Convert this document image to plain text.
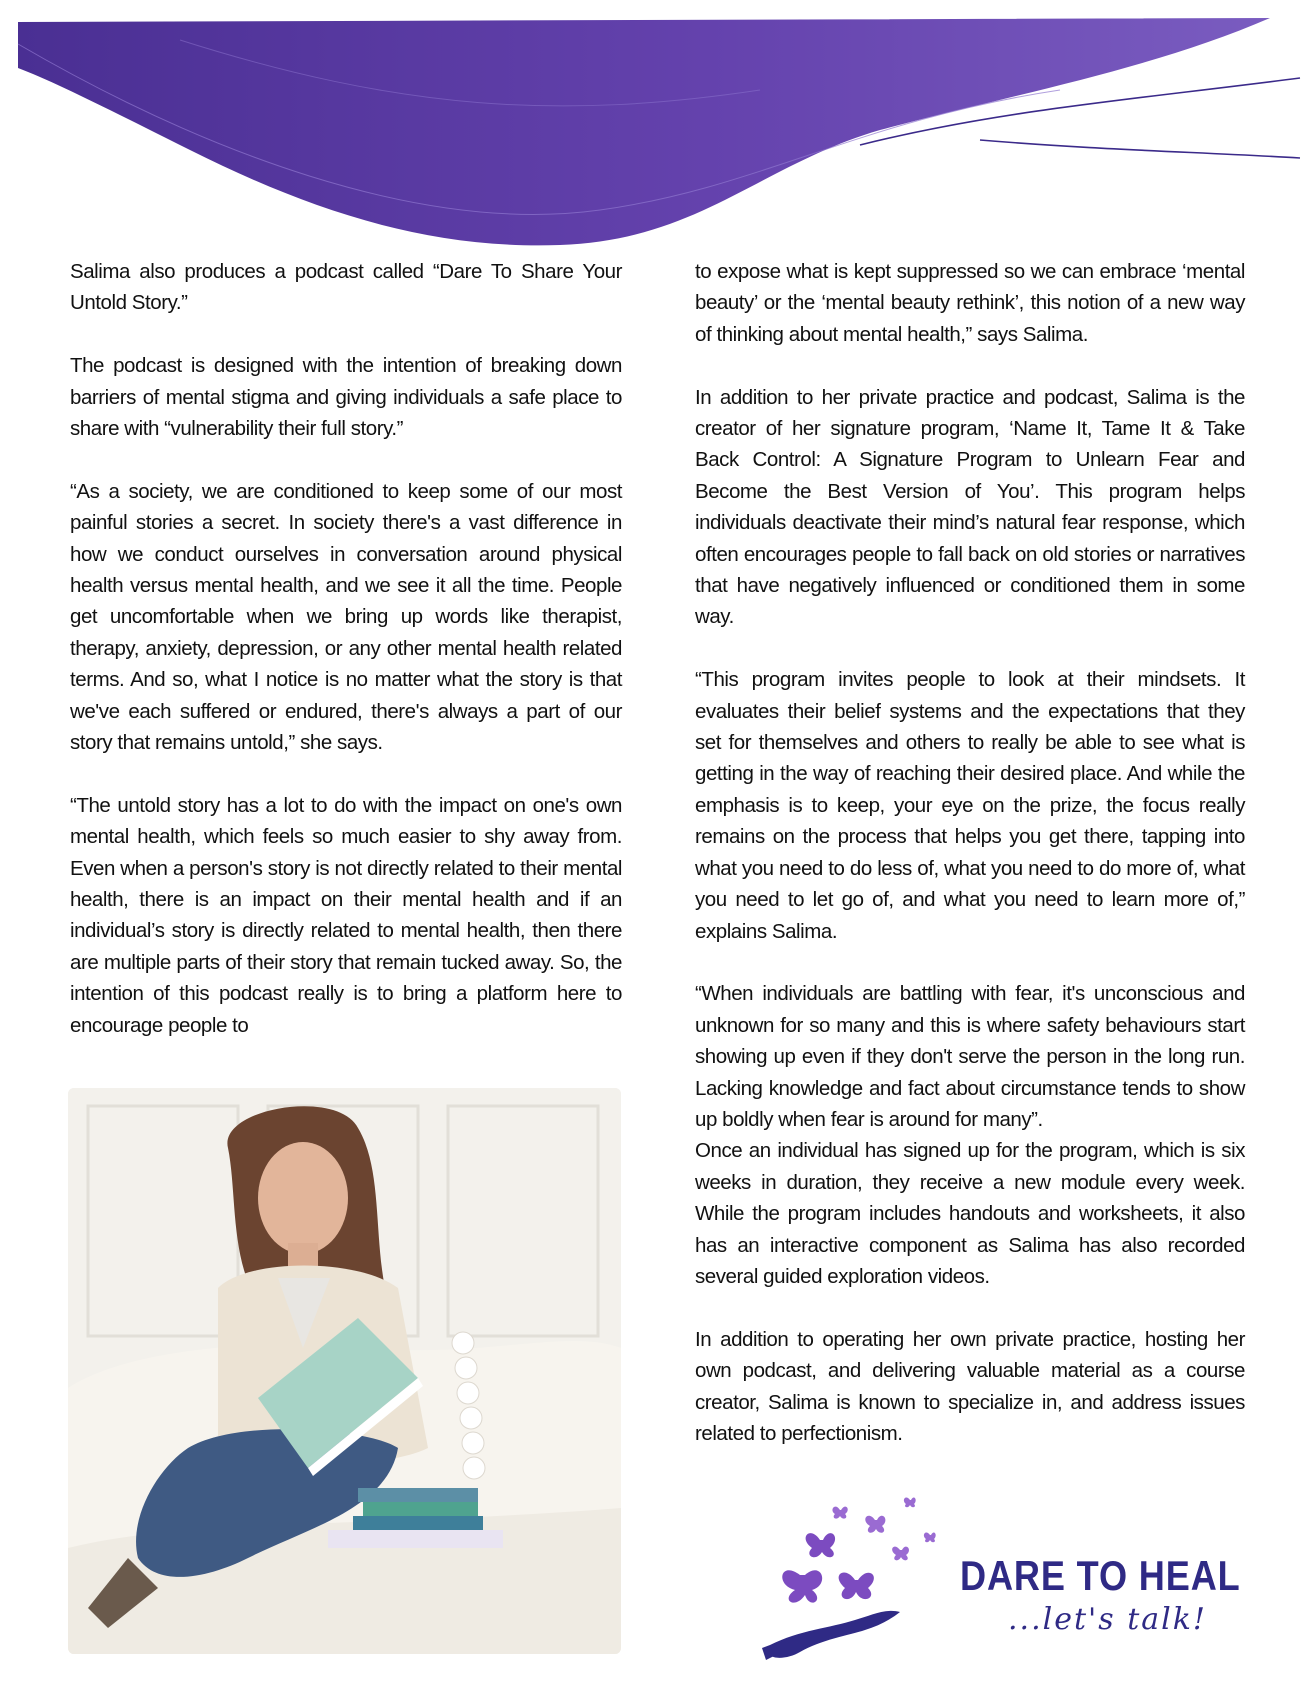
Salima also produces a podcast called “Dare To Share Your Untold Story.”

The podcast is designed with the intention of breaking down barriers of mental stigma and giving individuals a safe place to share with “vulnerability their full story.”

“As a society, we are conditioned to keep some of our most painful stories a secret. In society there's a vast difference in how we conduct ourselves in conversation around physical health versus mental health, and we see it all the time. People get uncomfortable when we bring up words like therapist, therapy, anxiety, depression, or any other mental health related terms. And so, what I notice is no matter what the story is that we've each suffered or endured, there's always a part of our story that remains untold,” she says.

“The untold story has a lot to do with the impact on one's own mental health, which feels so much easier to shy away from. Even when a person's story is not directly related to their mental health, there is an impact on their mental health and if an individual’s story is directly related to mental health, then there are multiple parts of their story that remain tucked away. So, the intention of this podcast really is to bring a platform here to encourage people to

to expose what is kept suppressed so we can embrace ‘mental beauty’ or the ‘mental beauty rethink’, this notion of a new way of thinking about mental health,” says Salima.

In addition to her private practice and podcast, Salima is the creator of her signature program, ‘Name It, Tame It & Take Back Control: A Signature Program to Unlearn Fear and Become the Best Version of You’. This program helps individuals deactivate their mind’s natural fear response, which often encourages people to fall back on old stories or narratives that have negatively influenced or conditioned them in some way.

“This program invites people to look at their mindsets. It evaluates their belief systems and the expectations that they set for themselves and others to really be able to see what is getting in the way of reaching their desired place. And while the emphasis is to keep, your eye on the prize, the focus really remains on the process that helps you get there, tapping into what you need to do less of, what you need to do more of, what you need to let go of, and what you need to learn more of,” explains Salima.

“When individuals are battling with fear, it's unconscious and unknown for so many and this is where safety behaviours start showing up even if they don't serve the person in the long run. Lacking knowledge and fact about circumstance tends to show up boldly when fear is around for many”.

Once an individual has signed up for the program, which is six weeks in duration, they receive a new module every week. While the program includes handouts and worksheets, it also has an interactive component as Salima has also recorded several guided exploration videos.

In addition to operating her own private practice, hosting her own podcast, and delivering valuable material as a course creator, Salima is known to specialize in, and address issues related to perfectionism.

DARE TO HEAL
...let's talk!
